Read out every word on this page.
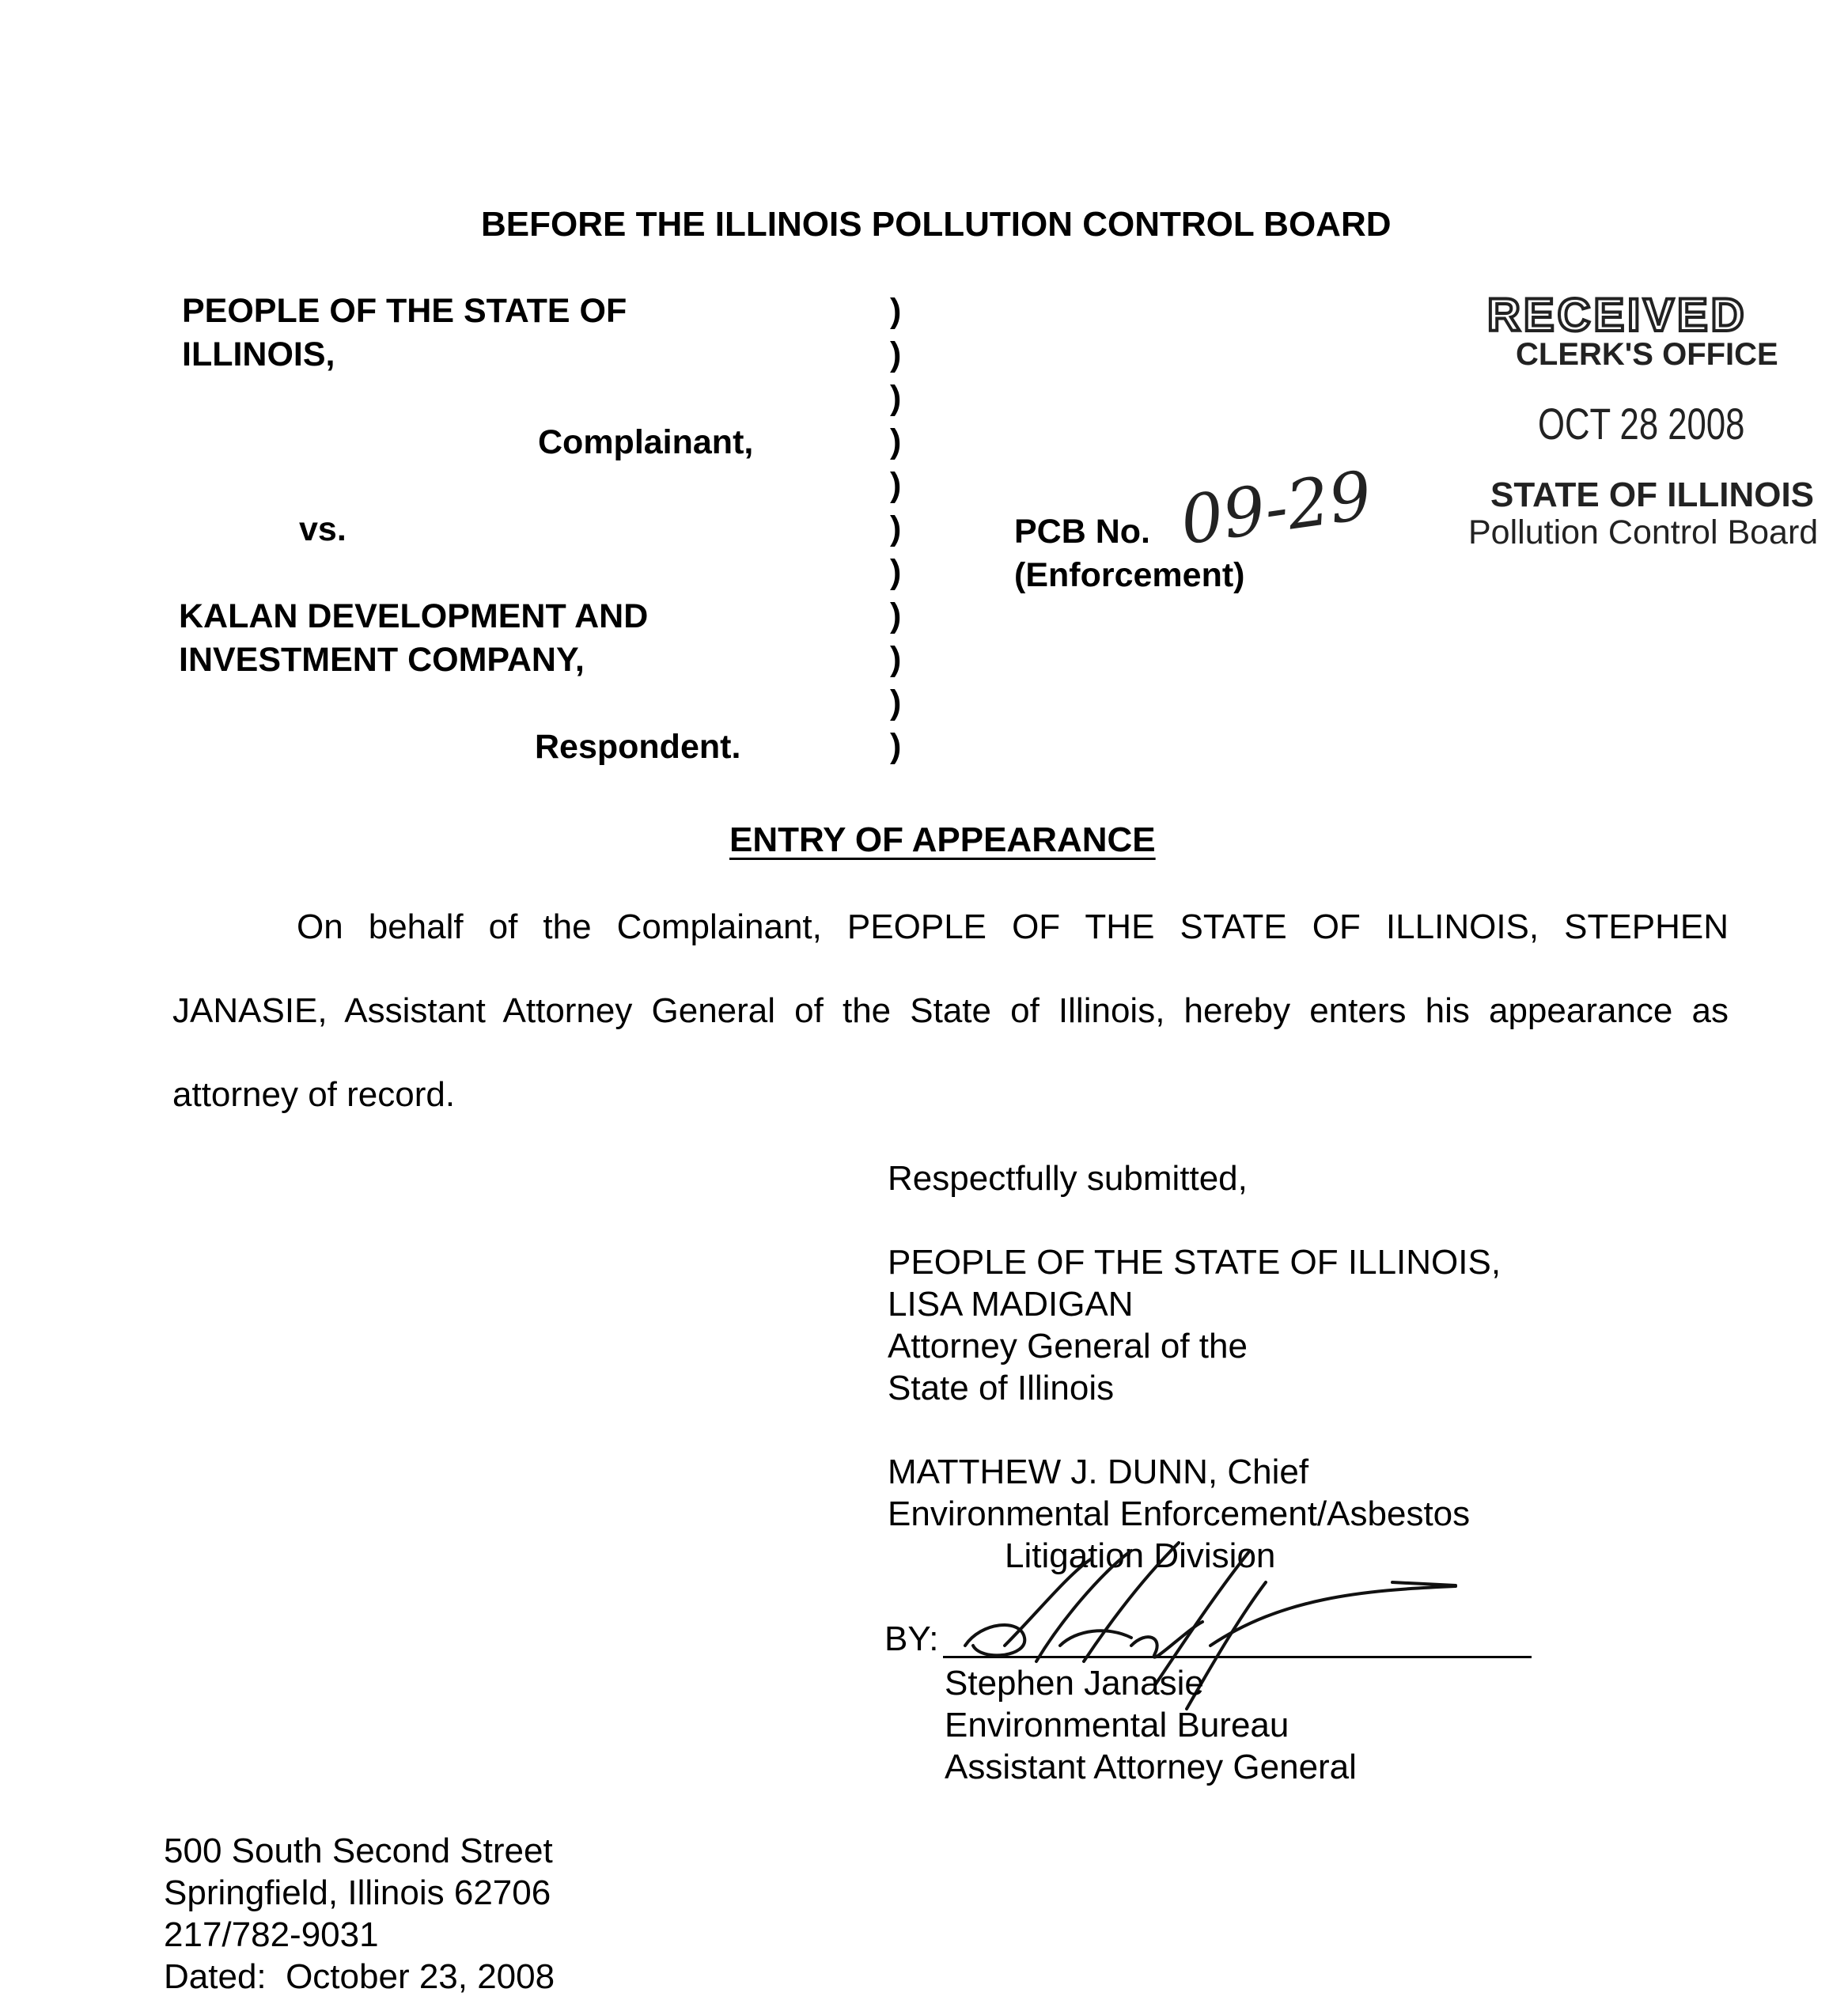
BEFORE THE ILLINOIS POLLUTION CONTROL BOARD
PEOPLE OF THE STATE OF
ILLINOIS,
Complainant,
vs.
KALAN DEVELOPMENT AND
INVESTMENT COMPANY,
Respondent.
)
)
)
)
)
)
)
)
)
)
)
PCB No. 09-29
(Enforcement)
RECEIVED
CLERK'S OFFICE
OCT 28 2008
STATE OF ILLINOIS
Pollution Control Board
ENTRY OF APPEARANCE
On behalf of the Complainant, PEOPLE OF THE STATE OF ILLINOIS, STEPHEN
JANASIE, Assistant Attorney General of the State of Illinois, hereby enters his appearance as
attorney of record.
Respectfully submitted,
PEOPLE OF THE STATE OF ILLINOIS,
LISA MADIGAN
Attorney General of the
State of Illinois
MATTHEW J. DUNN, Chief
Environmental Enforcement/Asbestos
Litigation Division
BY:
Stephen Janasie
Environmental Bureau
Assistant Attorney General
500 South Second Street
Springfield, Illinois 62706
217/782-9031
Dated:  October 23, 2008
